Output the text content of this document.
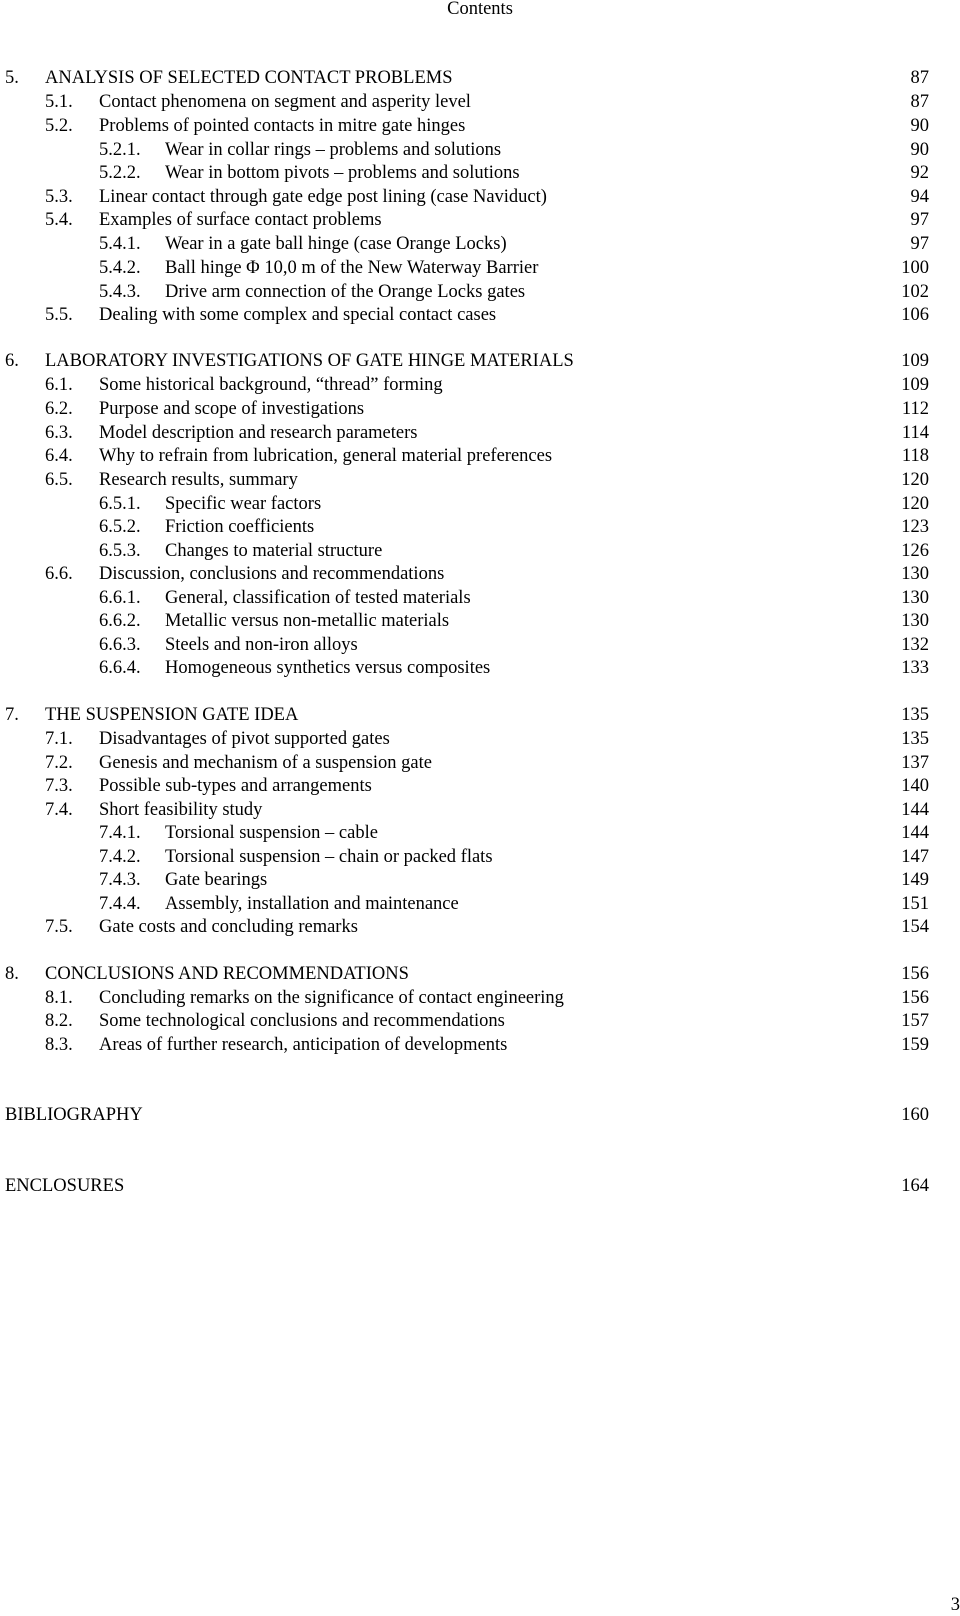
Contents
5. ANALYSIS OF SELECTED CONTACT PROBLEMS	87
5.1. Contact phenomena on segment and asperity level	87
5.2. Problems of pointed contacts in mitre gate hinges	90
5.2.1. Wear in collar rings – problems and solutions	90
5.2.2. Wear in bottom pivots – problems and solutions	92
5.3. Linear contact through gate edge post lining (case Naviduct)	94
5.4. Examples of surface contact problems	97
5.4.1. Wear in a gate ball hinge (case Orange Locks)	97
5.4.2. Ball hinge Φ 10,0 m of the New Waterway Barrier	100
5.4.3. Drive arm connection of the Orange Locks gates	102
5.5. Dealing with some complex and special contact cases	106
6. LABORATORY INVESTIGATIONS OF GATE HINGE MATERIALS	109
6.1. Some historical background, “thread” forming	109
6.2. Purpose and scope of investigations	112
6.3. Model description and research parameters	114
6.4. Why to refrain from lubrication, general material preferences	118
6.5. Research results, summary	120
6.5.1. Specific wear factors	120
6.5.2. Friction coefficients	123
6.5.3. Changes to material structure	126
6.6. Discussion, conclusions and recommendations	130
6.6.1. General, classification of tested materials	130
6.6.2. Metallic versus non-metallic materials	130
6.6.3. Steels and non-iron alloys	132
6.6.4. Homogeneous synthetics versus composites	133
7. THE SUSPENSION GATE IDEA	135
7.1. Disadvantages of pivot supported gates	135
7.2. Genesis and mechanism of a suspension gate	137
7.3. Possible sub-types and arrangements	140
7.4. Short feasibility study	144
7.4.1. Torsional suspension – cable	144
7.4.2. Torsional suspension – chain or packed flats	147
7.4.3. Gate bearings	149
7.4.4. Assembly, installation and maintenance	151
7.5. Gate costs and concluding remarks	154
8. CONCLUSIONS AND RECOMMENDATIONS	156
8.1. Concluding remarks on the significance of contact engineering	156
8.2. Some technological conclusions and recommendations	157
8.3. Areas of further research, anticipation of developments	159
BIBLIOGRAPHY	160
ENCLOSURES	164
3
